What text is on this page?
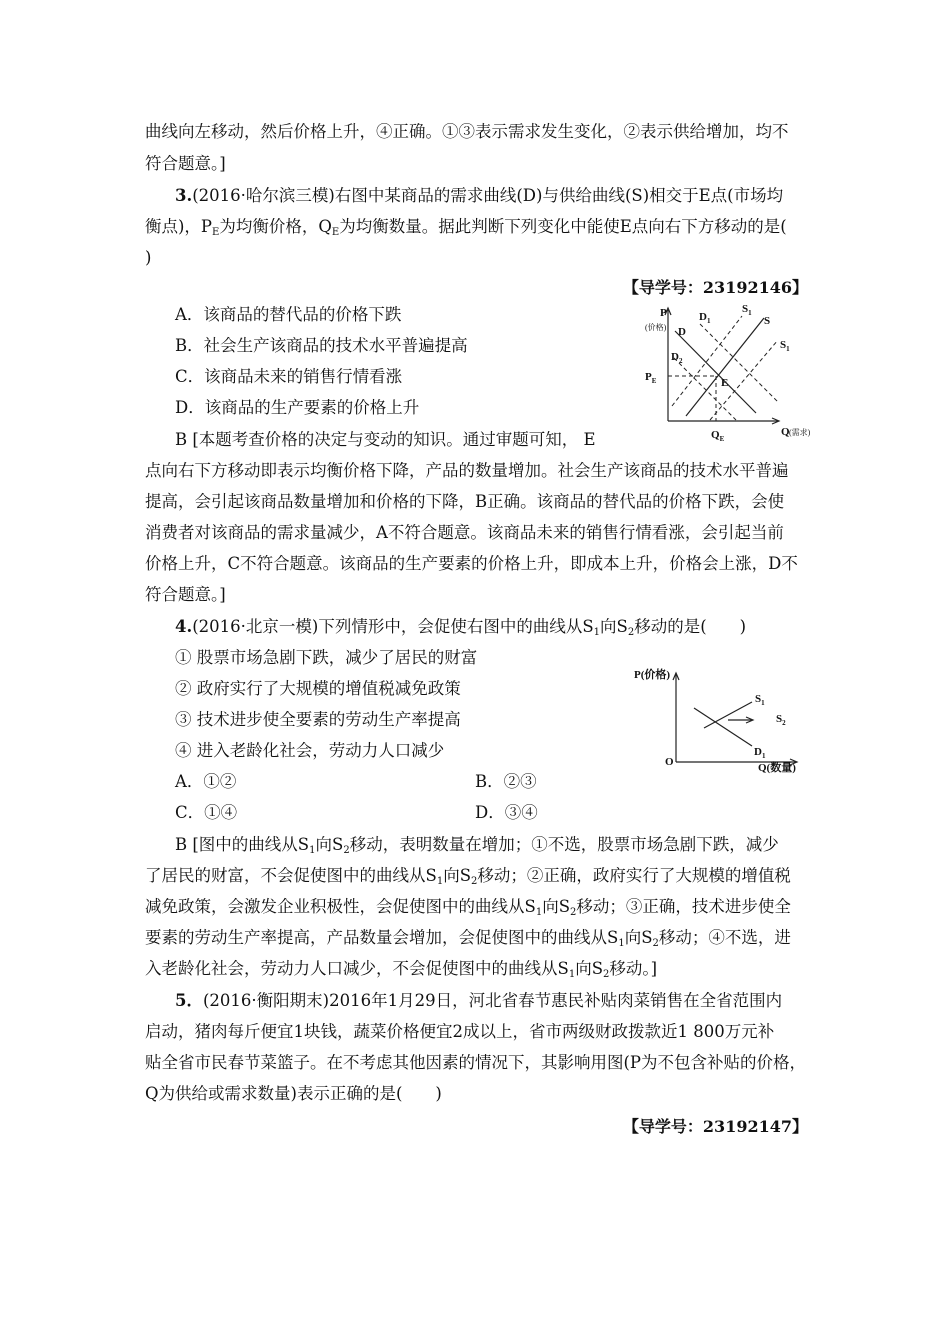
曲线向左移动，然后价格上升，④正确。①③表示需求发生变化，②表示供给增加，均不
符合题意。]
3.(2016·哈尔滨三模)右图中某商品的需求曲线(D)与供给曲线(S)相交于E点(市场均
衡点)，$P_E$为均衡价格，$Q_E$为均衡数量。据此判断下列变化中能使E点向右下方移动的是(
)
【导学号：23192146】
A．该商品的替代品的价格下跌
B．社会生产该商品的技术水平普遍提高
C．该商品未来的销售行情看涨
D．该商品的生产要素的价格上升
B [本题考查价格的决定与变动的知识。通过审题可知， E
点向右下方移动即表示均衡价格下降，产品的数量增加。社会生产该商品的技术水平普遍
提高，会引起该商品数量增加和价格的下降，B正确。该商品的替代品的价格下跌，会使
消费者对该商品的需求量减少，A不符合题意。该商品未来的销售行情看涨，会引起当前
价格上升，C不符合题意。该商品的生产要素的价格上升，即成本上升，价格会上涨，D不
符合题意。]
P
(价格)
Q (需求)
$P_E$
$Q_E$
E
D
$D_2$
$D_1$
$S_1$
S
$S_1$
4.(2016·北京一模)下列情形中，会促使右图中的曲线从$S_1$向$S_2$移动的是(　　)
① 股票市场急剧下跌，减少了居民的财富
② 政府实行了大规模的增值税减免政策
③ 技术进步使全要素的劳动生产率提高
④ 进入老龄化社会，劳动力人口减少
A．①②	B．②③
C．①④	D．③④
B [图中的曲线从$S_1$向$S_2$移动，表明数量在增加；①不选，股票市场急剧下跌，减少
了居民的财富，不会促使图中的曲线从$S_1$向$S_2$移动；②正确，政府实行了大规模的增值税
减免政策，会激发企业积极性，会促使图中的曲线从$S_1$向$S_2$移动；③正确，技术进步使全
要素的劳动生产率提高，产品数量会增加，会促使图中的曲线从$S_1$向$S_2$移动；④不选，进
入老龄化社会，劳动力人口减少，不会促使图中的曲线从$S_1$向$S_2$移动。]
P(价格)
O	Q(数量)
$S_1$
$S_2$
$D_1$
5．(2016·衡阳期末)2016年1月29日，河北省春节惠民补贴肉菜销售在全省范围内
启动，猪肉每斤便宜1块钱，蔬菜价格便宜2成以上，省市两级财政拨款近1 800万元补
贴全省市民春节菜篮子。在不考虑其他因素的情况下，其影响用图(P为不包含补贴的价格，
Q为供给或需求数量)表示正确的是(　　)
【导学号：23192147】
